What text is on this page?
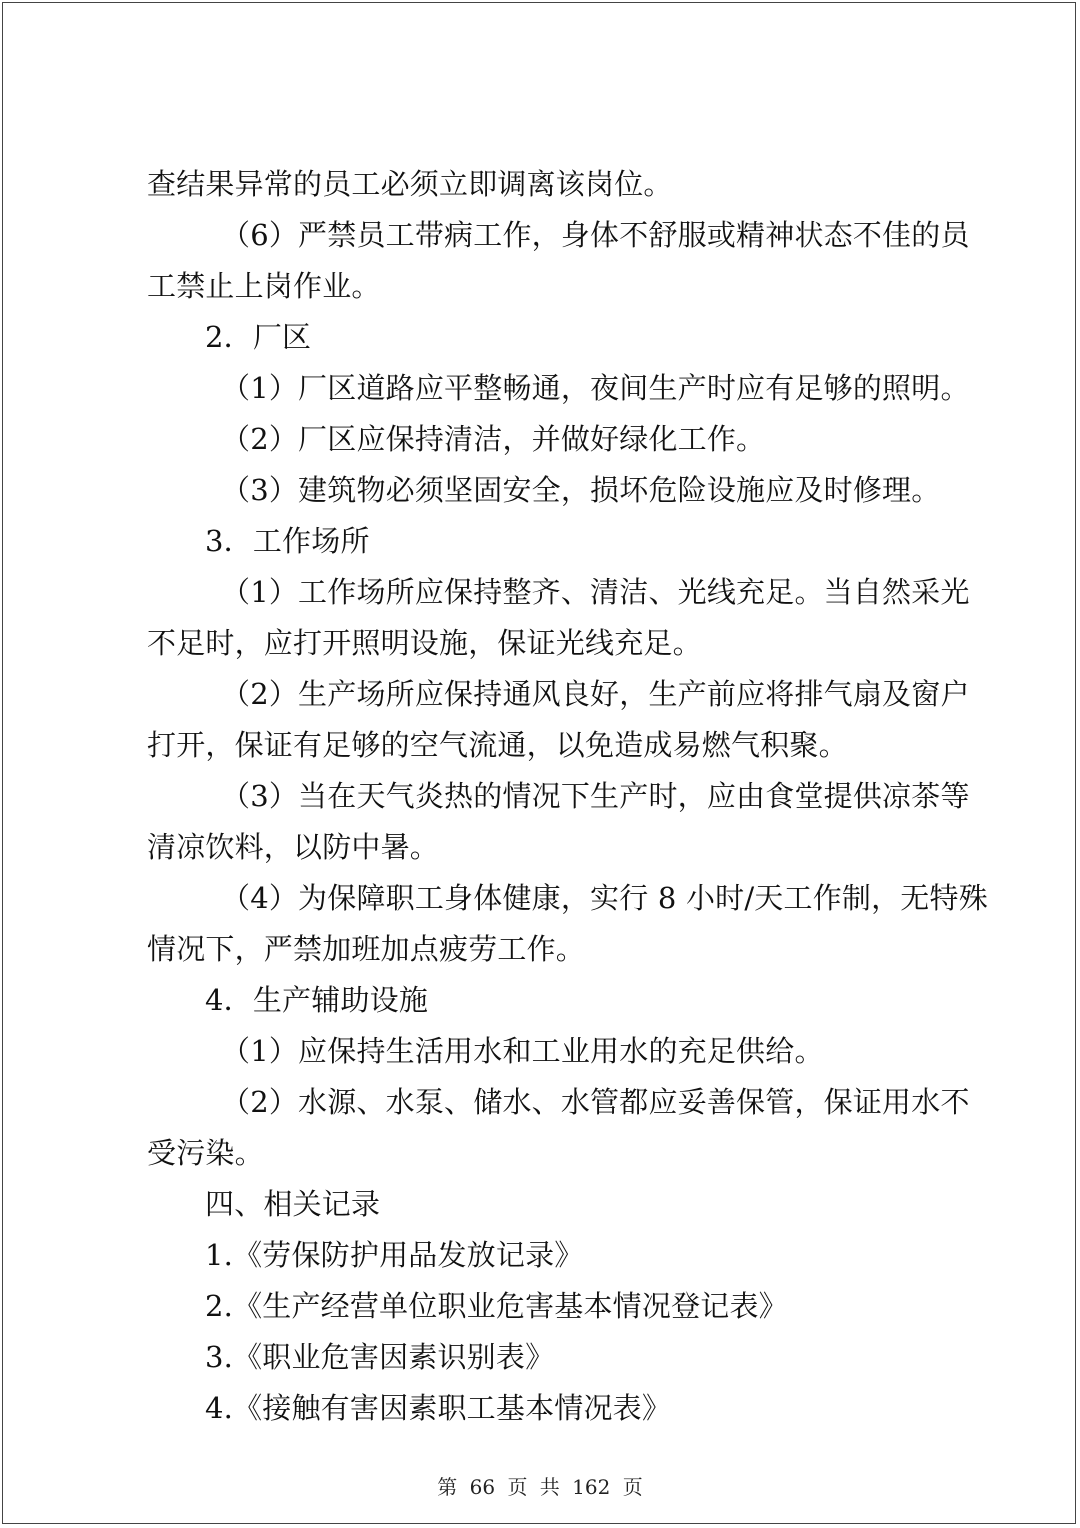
查结果异常的员工必须立即调离该岗位。
（6）严禁员工带病工作，身体不舒服或精神状态不佳的员
工禁止上岗作业。
2．厂区
（1）厂区道路应平整畅通，夜间生产时应有足够的照明。
（2）厂区应保持清洁，并做好绿化工作。
（3）建筑物必须坚固安全，损坏危险设施应及时修理。
3．工作场所
（1）工作场所应保持整齐、清洁、光线充足。当自然采光
不足时，应打开照明设施，保证光线充足。
（2）生产场所应保持通风良好，生产前应将排气扇及窗户
打开，保证有足够的空气流通，以免造成易燃气积聚。
（3）当在天气炎热的情况下生产时，应由食堂提供凉茶等
清凉饮料，以防中暑。
（4）为保障职工身体健康，实行 8 小时/天工作制，无特殊
情况下，严禁加班加点疲劳工作。
4．生产辅助设施
（1）应保持生活用水和工业用水的充足供给。
（2）水源、水泵、储水、水管都应妥善保管，保证用水不
受污染。
四、相关记录
1.《劳保防护用品发放记录》
2.《生产经营单位职业危害基本情况登记表》
3.《职业危害因素识别表》
4.《接触有害因素职工基本情况表》
第 66 页 共 162 页
